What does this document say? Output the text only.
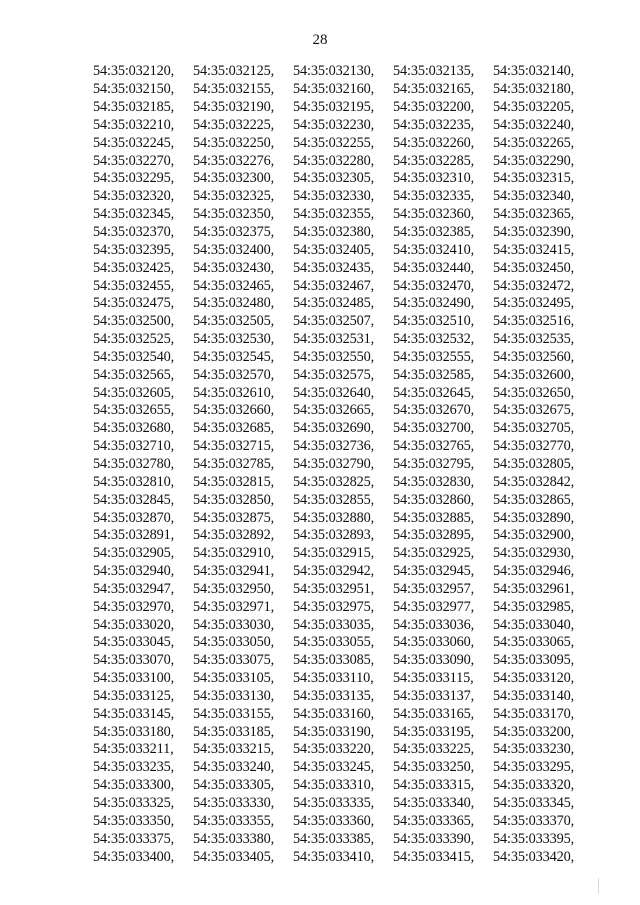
28
54:35:032120,	54:35:032125,	54:35:032130,	54:35:032135,	54:35:032140,
54:35:032150,	54:35:032155,	54:35:032160,	54:35:032165,	54:35:032180,
54:35:032185,	54:35:032190,	54:35:032195,	54:35:032200,	54:35:032205,
54:35:032210,	54:35:032225,	54:35:032230,	54:35:032235,	54:35:032240,
54:35:032245,	54:35:032250,	54:35:032255,	54:35:032260,	54:35:032265,
54:35:032270,	54:35:032276,	54:35:032280,	54:35:032285,	54:35:032290,
54:35:032295,	54:35:032300,	54:35:032305,	54:35:032310,	54:35:032315,
54:35:032320,	54:35:032325,	54:35:032330,	54:35:032335,	54:35:032340,
54:35:032345,	54:35:032350,	54:35:032355,	54:35:032360,	54:35:032365,
54:35:032370,	54:35:032375,	54:35:032380,	54:35:032385,	54:35:032390,
54:35:032395,	54:35:032400,	54:35:032405,	54:35:032410,	54:35:032415,
54:35:032425,	54:35:032430,	54:35:032435,	54:35:032440,	54:35:032450,
54:35:032455,	54:35:032465,	54:35:032467,	54:35:032470,	54:35:032472,
54:35:032475,	54:35:032480,	54:35:032485,	54:35:032490,	54:35:032495,
54:35:032500,	54:35:032505,	54:35:032507,	54:35:032510,	54:35:032516,
54:35:032525,	54:35:032530,	54:35:032531,	54:35:032532,	54:35:032535,
54:35:032540,	54:35:032545,	54:35:032550,	54:35:032555,	54:35:032560,
54:35:032565,	54:35:032570,	54:35:032575,	54:35:032585,	54:35:032600,
54:35:032605,	54:35:032610,	54:35:032640,	54:35:032645,	54:35:032650,
54:35:032655,	54:35:032660,	54:35:032665,	54:35:032670,	54:35:032675,
54:35:032680,	54:35:032685,	54:35:032690,	54:35:032700,	54:35:032705,
54:35:032710,	54:35:032715,	54:35:032736,	54:35:032765,	54:35:032770,
54:35:032780,	54:35:032785,	54:35:032790,	54:35:032795,	54:35:032805,
54:35:032810,	54:35:032815,	54:35:032825,	54:35:032830,	54:35:032842,
54:35:032845,	54:35:032850,	54:35:032855,	54:35:032860,	54:35:032865,
54:35:032870,	54:35:032875,	54:35:032880,	54:35:032885,	54:35:032890,
54:35:032891,	54:35:032892,	54:35:032893,	54:35:032895,	54:35:032900,
54:35:032905,	54:35:032910,	54:35:032915,	54:35:032925,	54:35:032930,
54:35:032940,	54:35:032941,	54:35:032942,	54:35:032945,	54:35:032946,
54:35:032947,	54:35:032950,	54:35:032951,	54:35:032957,	54:35:032961,
54:35:032970,	54:35:032971,	54:35:032975,	54:35:032977,	54:35:032985,
54:35:033020,	54:35:033030,	54:35:033035,	54:35:033036,	54:35:033040,
54:35:033045,	54:35:033050,	54:35:033055,	54:35:033060,	54:35:033065,
54:35:033070,	54:35:033075,	54:35:033085,	54:35:033090,	54:35:033095,
54:35:033100,	54:35:033105,	54:35:033110,	54:35:033115,	54:35:033120,
54:35:033125,	54:35:033130,	54:35:033135,	54:35:033137,	54:35:033140,
54:35:033145,	54:35:033155,	54:35:033160,	54:35:033165,	54:35:033170,
54:35:033180,	54:35:033185,	54:35:033190,	54:35:033195,	54:35:033200,
54:35:033211,	54:35:033215,	54:35:033220,	54:35:033225,	54:35:033230,
54:35:033235,	54:35:033240,	54:35:033245,	54:35:033250,	54:35:033295,
54:35:033300,	54:35:033305,	54:35:033310,	54:35:033315,	54:35:033320,
54:35:033325,	54:35:033330,	54:35:033335,	54:35:033340,	54:35:033345,
54:35:033350,	54:35:033355,	54:35:033360,	54:35:033365,	54:35:033370,
54:35:033375,	54:35:033380,	54:35:033385,	54:35:033390,	54:35:033395,
54:35:033400,	54:35:033405,	54:35:033410,	54:35:033415,	54:35:033420,
